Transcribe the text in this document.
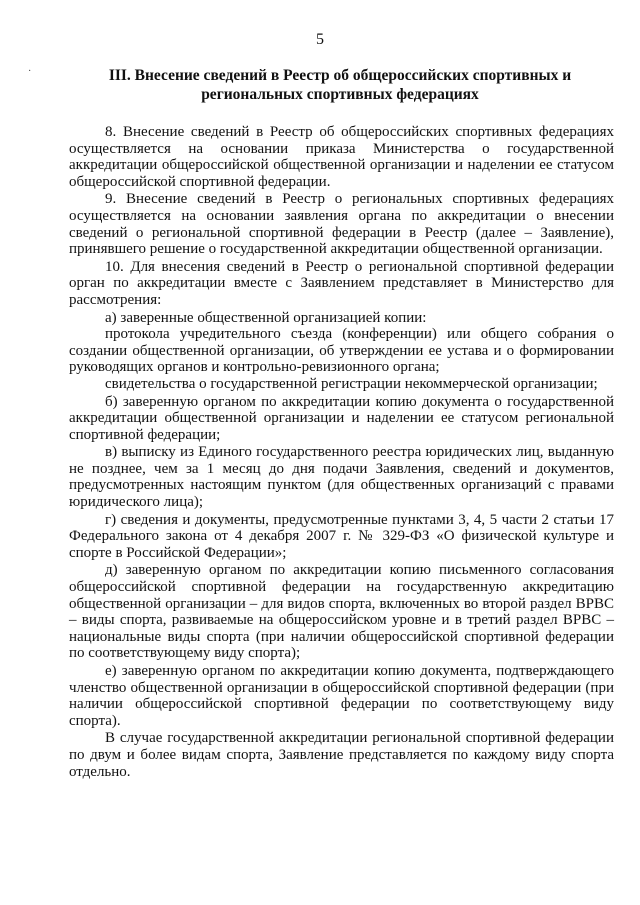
5
·	III. Внесение сведений в Реестр об общероссийских спортивных и
региональных спортивных федерациях

8. Внесение сведений в Реестр об общероссийских спортивных федерациях осуществляется на основании приказа Министерства о государственной аккредитации общероссийской общественной организации и наделении ее статусом общероссийской спортивной федерации.

9. Внесение сведений в Реестр о региональных спортивных федерациях осуществляется на основании заявления органа по аккредитации о внесении сведений о региональной спортивной федерации в Реестр (далее – Заявление), принявшего решение о государственной аккредитации общественной организации.

10. Для внесения сведений в Реестр о региональной спортивной федерации орган по аккредитации вместе с Заявлением представляет в Министерство для рассмотрения:

а) заверенные общественной организацией копии:

протокола учредительного съезда (конференции) или общего собрания о создании общественной организации, об утверждении ее устава и о формировании руководящих органов и контрольно-ревизионного органа;

свидетельства о государственной регистрации некоммерческой организации;

б) заверенную органом по аккредитации копию документа о государственной аккредитации общественной организации и наделении ее статусом региональной спортивной федерации;

в) выписку из Единого государственного реестра юридических лиц, выданную не позднее, чем за 1 месяц до дня подачи Заявления, сведений и документов, предусмотренных настоящим пунктом (для общественных организаций с правами юридического лица);

г) сведения и документы, предусмотренные пунктами 3, 4, 5 части 2 статьи 17 Федерального закона от 4 декабря 2007 г. № 329-ФЗ «О физической культуре и спорте в Российской Федерации»;

д) заверенную органом по аккредитации копию письменного согласования общероссийской спортивной федерации на государственную аккредитацию общественной организации – для видов спорта, включенных во второй раздел ВРВС – виды спорта, развиваемые на общероссийском уровне и в третий раздел ВРВС – национальные виды спорта (при наличии общероссийской спортивной федерации по соответствующему виду спорта);

е) заверенную органом по аккредитации копию документа, подтверждающего членство общественной организации в общероссийской спортивной федерации (при наличии общероссийской спортивной федерации по соответствующему виду спорта).

В случае государственной аккредитации региональной спортивной федерации по двум и более видам спорта, Заявление представляется по каждому виду спорта отдельно.
